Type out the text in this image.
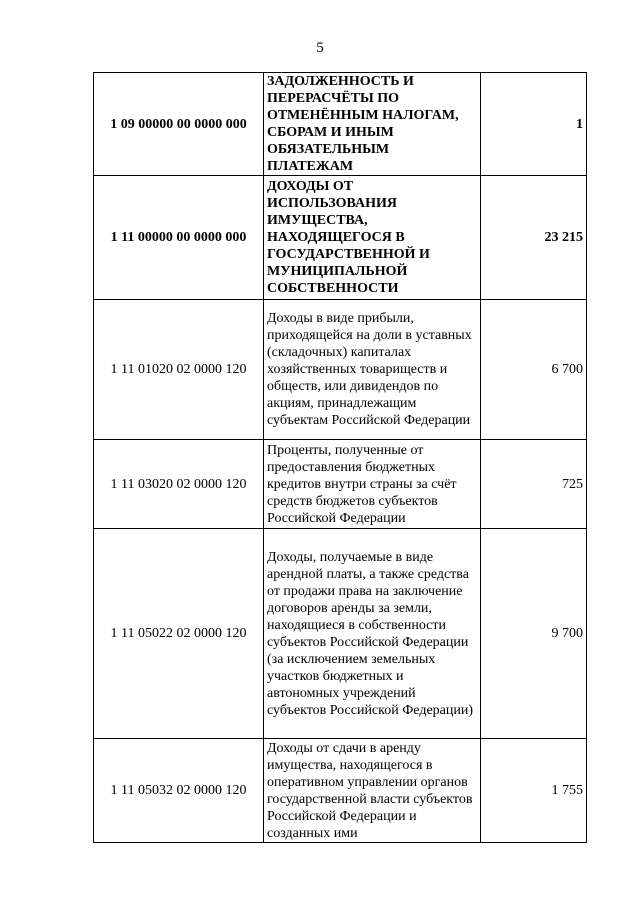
5
1 09 00000 00 0000 000	ЗАДОЛЖЕННОСТЬ И ПЕРЕРАСЧЁТЫ ПО ОТМЕНЁННЫМ НАЛОГАМ, СБОРАМ И ИНЫМ ОБЯЗАТЕЛЬНЫМ ПЛАТЕЖАМ	1
1 11 00000 00 0000 000	ДОХОДЫ ОТ ИСПОЛЬЗОВАНИЯ ИМУЩЕСТВА, НАХОДЯЩЕГОСЯ В ГОСУДАРСТВЕННОЙ И МУНИЦИПАЛЬНОЙ СОБСТВЕННОСТИ	23 215
1 11 01020 02 0000 120	Доходы в виде прибыли, приходящейся на доли в уставных (складочных) капиталах хозяйственных товариществ и обществ, или дивидендов по акциям, принадлежащим субъектам Российской Федерации	6 700
1 11 03020 02 0000 120	Проценты, полученные от предоставления бюджетных кредитов внутри страны за счёт средств бюджетов субъектов Российской Федерации	725
1 11 05022 02 0000 120	Доходы, получаемые в виде арендной платы, а также средства от продажи права на заключение договоров аренды за земли, находящиеся в собственности субъектов Российской Федерации (за исключением земельных участков бюджетных и автономных учреждений субъектов Российской Федерации)	9 700
1 11 05032 02 0000 120	Доходы от сдачи в аренду имущества, находящегося в оперативном управлении органов государственной власти субъектов Российской Федерации и созданных ими	1 755
